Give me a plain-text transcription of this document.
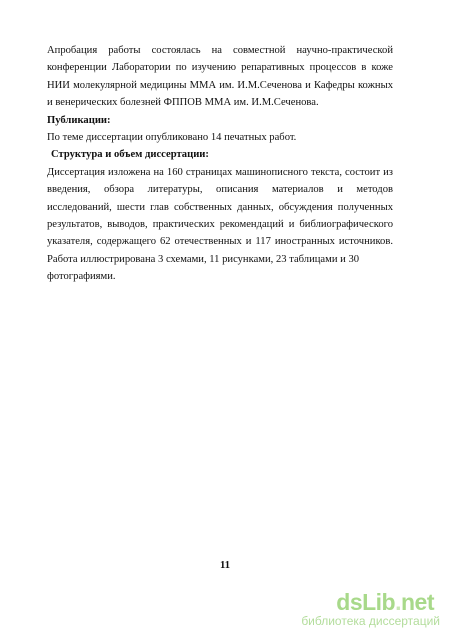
Апробация работы состоялась на совместной научно-практической
конференции Лаборатории по изучению репаративных процессов в коже
НИИ молекулярной медицины ММА им. И.М.Сеченова и Кафедры кожных
и венерических болезней ФППОВ ММА им. И.М.Сеченова.
Публикации:
По теме диссертации опубликовано 14 печатных работ.
Структура и объем диссертации:
Диссертация изложена на 160 страницах машинописного текста, состоит из
введения, обзора литературы, описания материалов и методов
исследований, шести глав собственных данных, обсуждения полученных
результатов, выводов, практических рекомендаций и библиографического
указателя, содержащего 62 отечественных и 117 иностранных источников.
Работа иллюстрирована 3 схемами, 11 рисунками, 23 таблицами и 30
фотографиями.
11
dsLib.net
библиотека диссертаций
